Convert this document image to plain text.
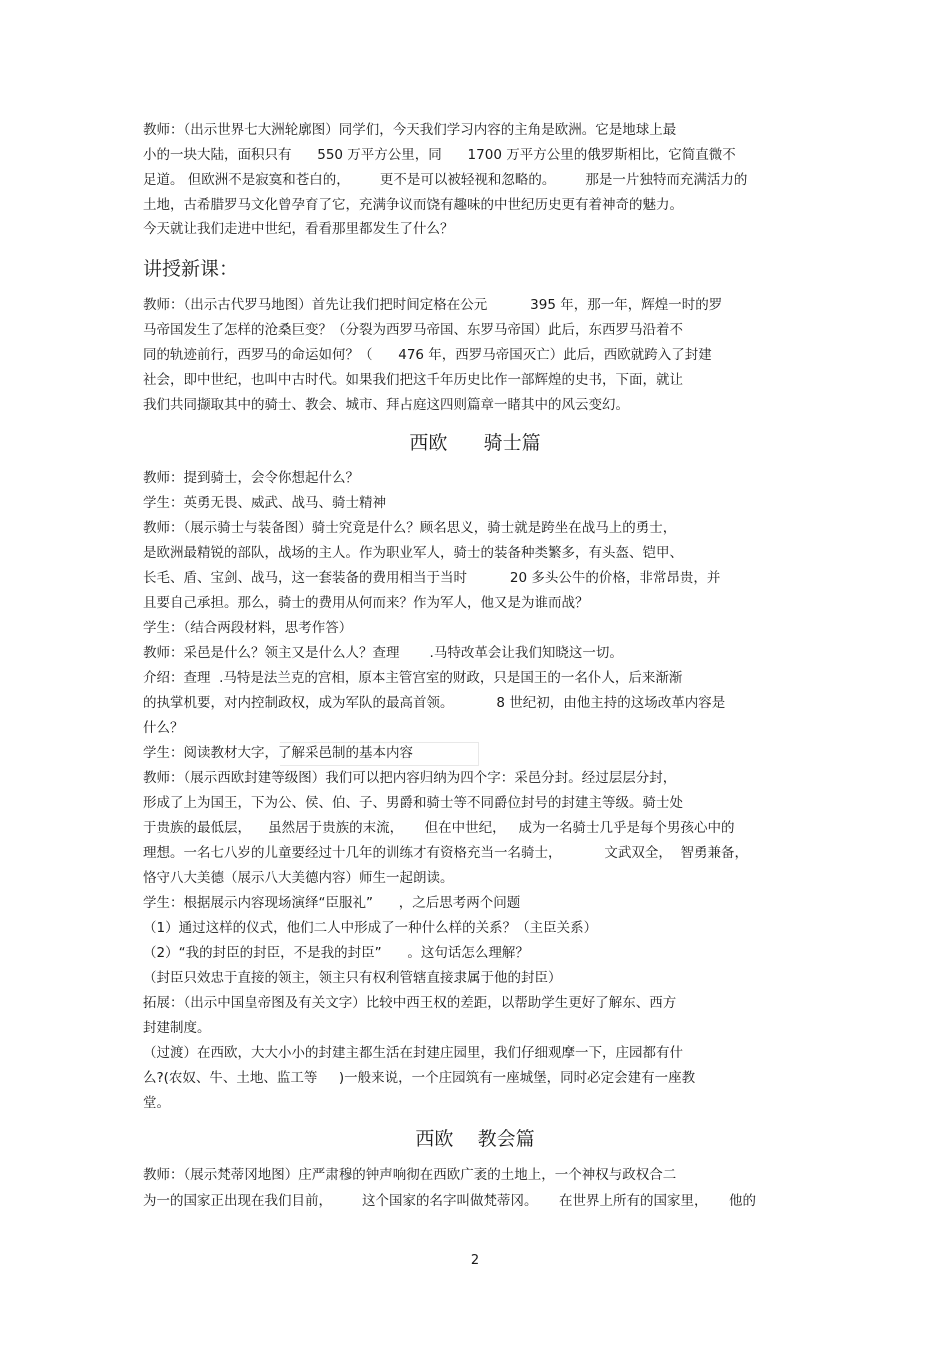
教师：（出示世界七大洲轮廓图）同学们，今天我们学习内容的主角是欧洲。它是地球上最
小的一块大陆，面积只有      550 万平方公里，同      1700 万平方公里的俄罗斯相比，它简直微不
足道。 但欧洲不是寂寞和苍白的，       更不是可以被轻视和忽略的。       那是一片独特而充满活力的
土地，古希腊罗马文化曾孕育了它，充满争议而饶有趣味的中世纪历史更有着神奇的魅力。
今天就让我们走进中世纪，看看那里都发生了什么？
讲授新课：
教师：（出示古代罗马地图）首先让我们把时间定格在公元          395 年，那一年，辉煌一时的罗
马帝国发生了怎样的沧桑巨变？（分裂为西罗马帝国、东罗马帝国）此后，东西罗马沿着不
同的轨迹前行，西罗马的命运如何？（      476 年，西罗马帝国灭亡）此后，西欧就跨入了封建
社会，即中世纪，也叫中古时代。如果我们把这千年历史比作一部辉煌的史书，下面，就让
我们共同撷取其中的骑士、教会、城市、拜占庭这四则篇章一睹其中的风云变幻。
西欧      骑士篇
教师：提到骑士，会令你想起什么？
学生：英勇无畏、威武、战马、骑士精神
教师：（展示骑士与装备图）骑士究竟是什么？顾名思义，骑士就是跨坐在战马上的勇士，
是欧洲最精锐的部队，战场的主人。作为职业军人，骑士的装备种类繁多，有头盔、铠甲、
长毛、盾、宝剑、战马，这一套装备的费用相当于当时          20 多头公牛的价格，非常昂贵，并
且要自己承担。那么，骑士的费用从何而来？作为军人，他又是为谁而战？
学生：（结合两段材料，思考作答）
教师：采邑是什么？领主又是什么人？查理       .马特改革会让我们知晓这一切。
介绍：查理  .马特是法兰克的宫相，原本主管宫室的财政，只是国王的一名仆人，后来渐渐
的执掌机要，对内控制政权，成为军队的最高首领。          8 世纪初，由他主持的这场改革内容是
什么？
学生：阅读教材大字，了解采邑制的基本内容
教师：（展示西欧封建等级图）我们可以把内容归纳为四个字：采邑分封。经过层层分封，
形成了上为国王，下为公、侯、伯、子、男爵和骑士等不同爵位封号的封建主等级。骑士处
于贵族的最低层，    虽然居于贵族的末流，     但在中世纪，   成为一名骑士几乎是每个男孩心中的
理想。一名七八岁的儿童要经过十几年的训练才有资格充当一名骑士，          文武双全，  智勇兼备，
恪守八大美德（展示八大美德内容）师生一起朗读。
学生：根据展示内容现场演绎“臣服礼”      ，之后思考两个问题
（1）通过这样的仪式，他们二人中形成了一种什么样的关系？（主臣关系）
（2）“我的封臣的封臣，不是我的封臣”      。这句话怎么理解？
（封臣只效忠于直接的领主，领主只有权利管辖直接隶属于他的封臣）
拓展：（出示中国皇帝图及有关文字）比较中西王权的差距，以帮助学生更好了解东、西方
封建制度。
（过渡）在西欧，大大小小的封建主都生活在封建庄园里，我们仔细观摩一下，庄园都有什
么?(农奴、牛、土地、监工等     )一般来说，一个庄园筑有一座城堡，同时必定会建有一座教
堂。
西欧    教会篇
教师：（展示梵蒂冈地图）庄严肃穆的钟声响彻在西欧广袤的土地上，一个神权与政权合二
为一的国家正出现在我们目前，       这个国家的名字叫做梵蒂冈。     在世界上所有的国家里，     他的
2
